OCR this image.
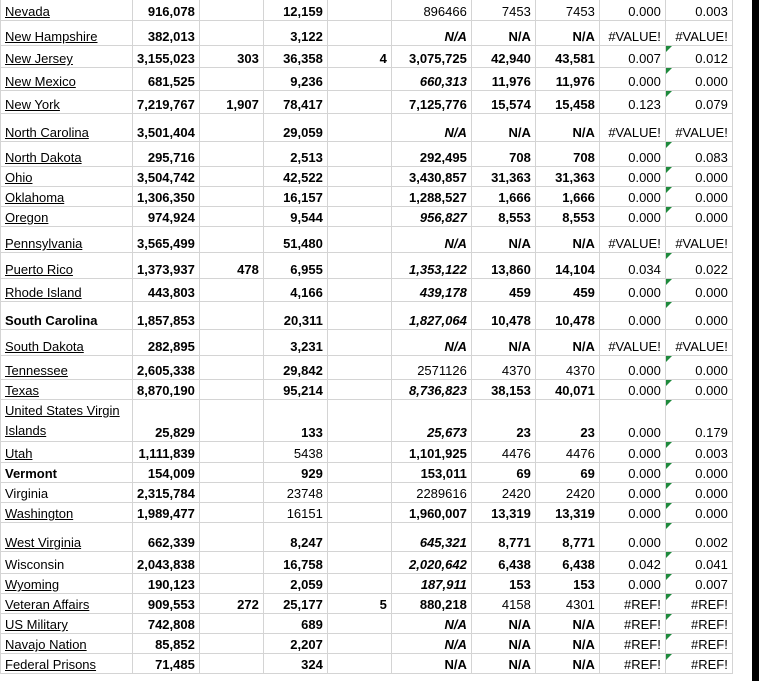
Nevada	916,078		12,159		896466	7453	7453	0.000	0.003
New Hampshire	382,013		3,122		N/A	N/A	N/A	#VALUE!	#VALUE!
New Jersey	3,155,023	303	36,358	4	3,075,725	42,940	43,581	0.007	0.012

New Mexico	681,525		9,236		660,313	11,976	11,976	0.000	0.000

New York	7,219,767	1,907	78,417		7,125,776	15,574	15,458	0.123	0.079

North Carolina	3,501,404		29,059		N/A	N/A	N/A	#VALUE!	#VALUE!
North Dakota	295,716		2,513		292,495	708	708	0.000	0.083

Ohio	3,504,742		42,522		3,430,857	31,363	31,363	0.000	0.000

Oklahoma	1,306,350		16,157		1,288,527	1,666	1,666	0.000	0.000

Oregon	974,924		9,544		956,827	8,553	8,553	0.000	0.000

Pennsylvania	3,565,499		51,480		N/A	N/A	N/A	#VALUE!	#VALUE!
Puerto Rico	1,373,937	478	6,955		1,353,122	13,860	14,104	0.034	0.022

Rhode Island	443,803		4,166		439,178	459	459	0.000	0.000

South Carolina	1,857,853		20,311		1,827,064	10,478	10,478	0.000	0.000

South Dakota	282,895		3,231		N/A	N/A	N/A	#VALUE!	#VALUE!
Tennessee	2,605,338		29,842		2571126	4370	4370	0.000	0.000

Texas	8,870,190		95,214		8,736,823	38,153	40,071	0.000	0.000

United States Virgin Islands	25,829		133		25,673	23	23	0.000	0.179

Utah	1,111,839		5438		1,101,925	4476	4476	0.000	0.003

Vermont	154,009		929		153,011	69	69	0.000	0.000

Virginia	2,315,784		23748		2289616	2420	2420	0.000	0.000

Washington	1,989,477		16151		1,960,007	13,319	13,319	0.000	0.000

West Virginia	662,339		8,247		645,321	8,771	8,771	0.000	0.002

Wisconsin	2,043,838		16,758		2,020,642	6,438	6,438	0.042	0.041

Wyoming	190,123		2,059		187,911	153	153	0.000	0.007

Veteran Affairs	909,553	272	25,177	5	880,218	4158	4301	#REF!	#REF!

US Military	742,808		689		N/A	N/A	N/A	#REF!	#REF!

Navajo Nation	85,852		2,207		N/A	N/A	N/A	#REF!	#REF!

Federal Prisons	71,485		324		N/A	N/A	N/A	#REF!	#REF!
